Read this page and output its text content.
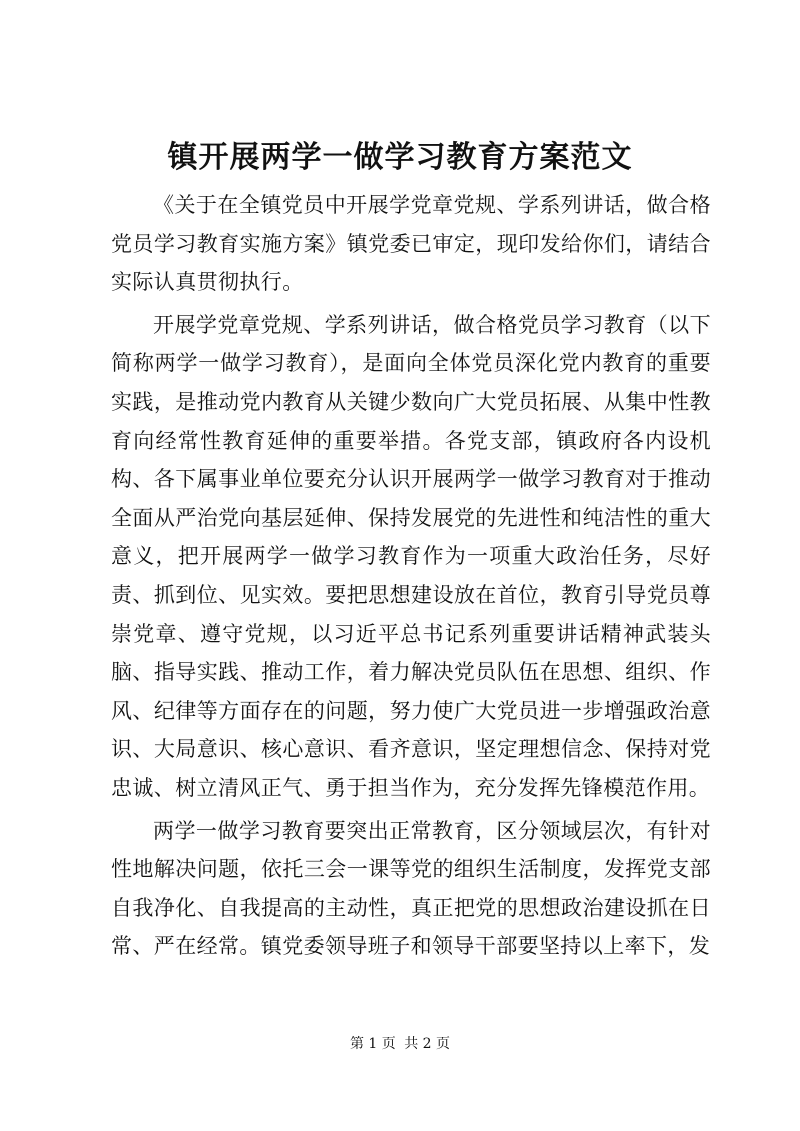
镇开展两学一做学习教育方案范文

《关于在全镇党员中开展学党章党规、学系列讲话，做合格党员学习教育实施方案》镇党委已审定，现印发给你们，请结合实际认真贯彻执行。

开展学党章党规、学系列讲话，做合格党员学习教育（以下简称两学一做学习教育），是面向全体党员深化党内教育的重要实践，是推动党内教育从关键少数向广大党员拓展、从集中性教育向经常性教育延伸的重要举措。各党支部，镇政府各内设机构、各下属事业单位要充分认识开展两学一做学习教育对于推动全面从严治党向基层延伸、保持发展党的先进性和纯洁性的重大意义，把开展两学一做学习教育作为一项重大政治任务，尽好责、抓到位、见实效。要把思想建设放在首位，教育引导党员尊崇党章、遵守党规，以习近平总书记系列重要讲话精神武装头脑、指导实践、推动工作，着力解决党员队伍在思想、组织、作风、纪律等方面存在的问题，努力使广大党员进一步增强政治意识、大局意识、核心意识、看齐意识，坚定理想信念、保持对党忠诚、树立清风正气、勇于担当作为，充分发挥先锋模范作用。

两学一做学习教育要突出正常教育，区分领域层次，有针对性地解决问题，依托三会一课等党的组织生活制度，发挥党支部自我净化、自我提高的主动性，真正把党的思想政治建设抓在日常、严在经常。镇党委领导班子和领导干部要坚持以上率下，发

第 1 页 共 2 页
